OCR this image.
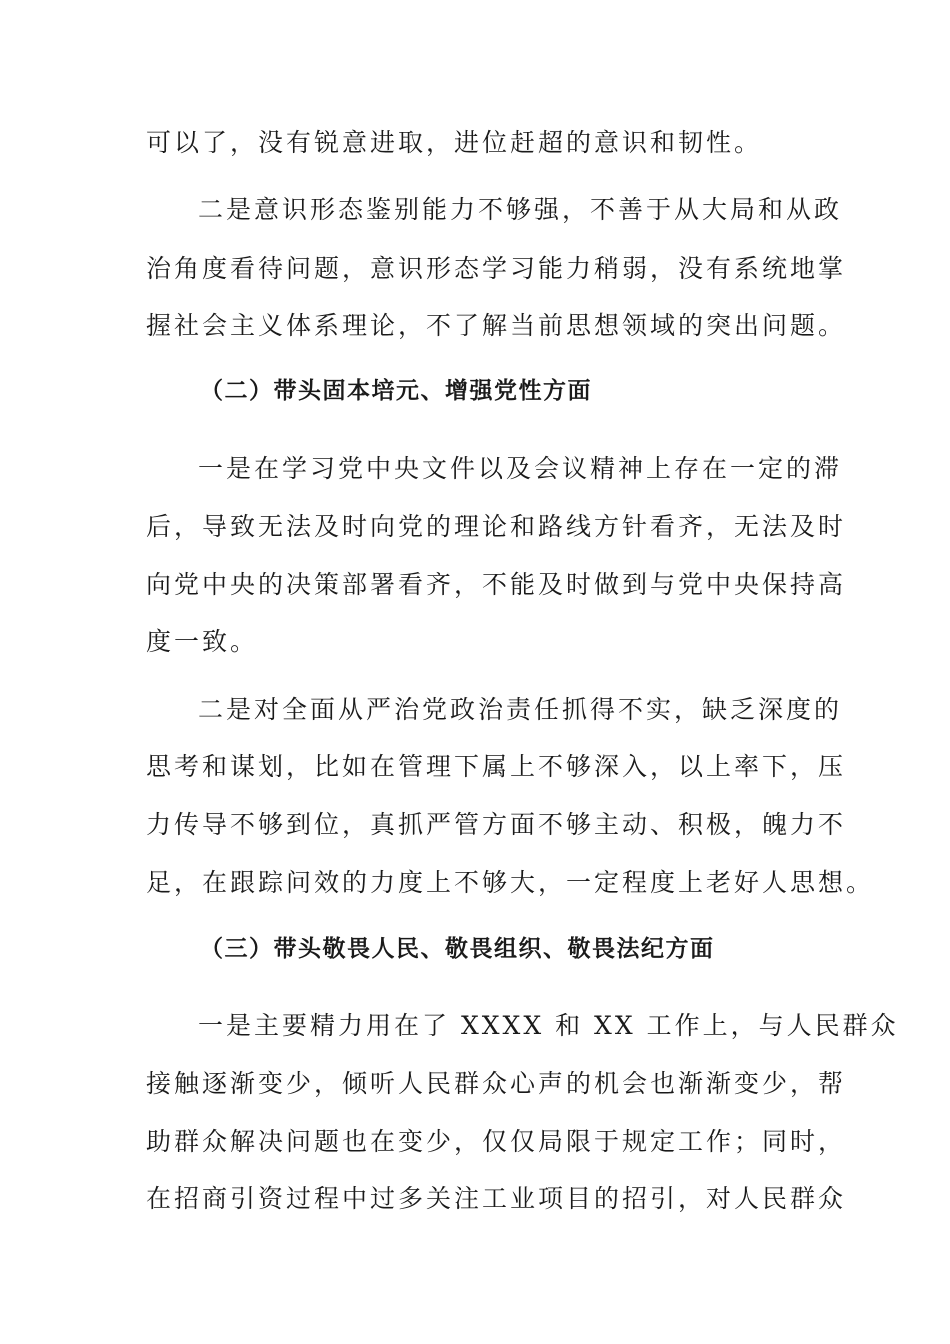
可以了，没有锐意进取，进位赶超的意识和韧性。
二是意识形态鉴别能力不够强，不善于从大局和从政
治角度看待问题，意识形态学习能力稍弱，没有系统地掌
握社会主义体系理论，不了解当前思想领域的突出问题。
（二）带头固本培元、增强党性方面
一是在学习党中央文件以及会议精神上存在一定的滞
后，导致无法及时向党的理论和路线方针看齐，无法及时
向党中央的决策部署看齐，不能及时做到与党中央保持高
度一致。
二是对全面从严治党政治责任抓得不实，缺乏深度的
思考和谋划，比如在管理下属上不够深入，以上率下，压
力传导不够到位，真抓严管方面不够主动、积极，魄力不
足，在跟踪问效的力度上不够大，一定程度上老好人思想。
（三）带头敬畏人民、敬畏组织、敬畏法纪方面
一是主要精力用在了 XXXX 和 XX 工作上，与人民群众
接触逐渐变少，倾听人民群众心声的机会也渐渐变少，帮
助群众解决问题也在变少，仅仅局限于规定工作；同时，
在招商引资过程中过多关注工业项目的招引，对人民群众
